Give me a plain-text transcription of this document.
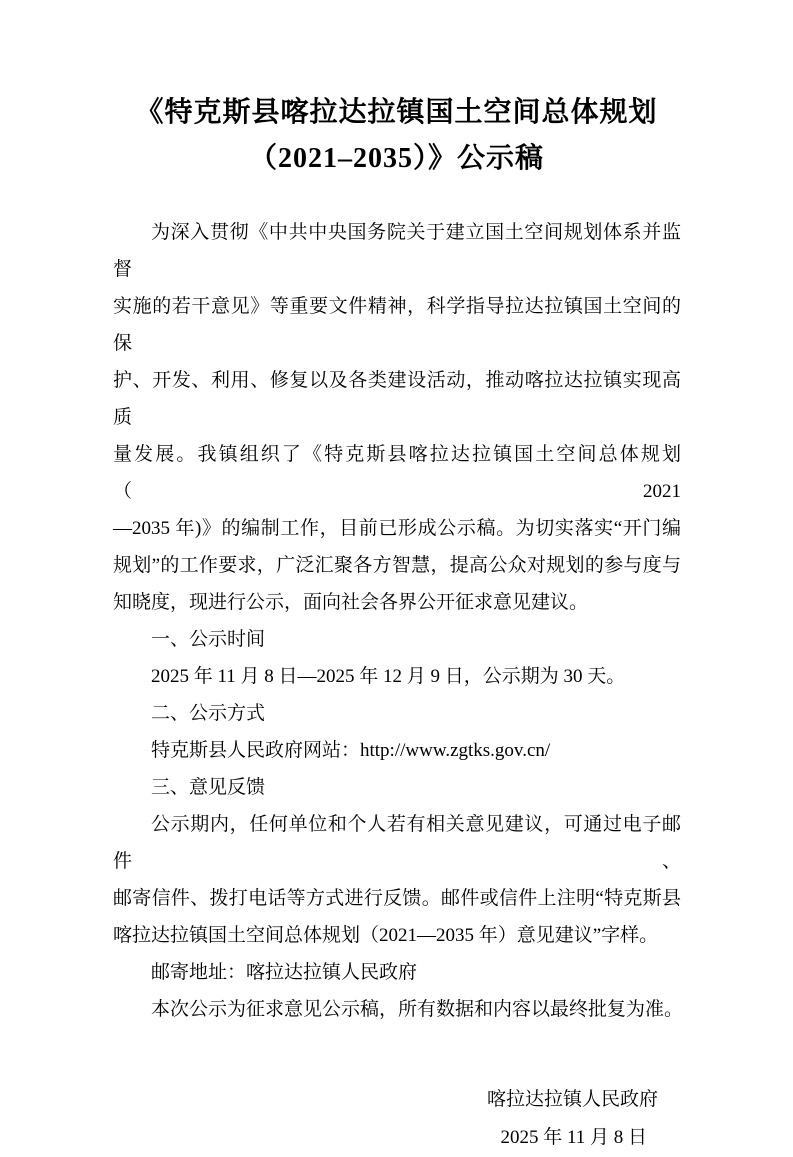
《特克斯县喀拉达拉镇国土空间总体规划
（2021–2035）》公示稿
为深入贯彻《中共中央国务院关于建立国土空间规划体系并监督
实施的若干意见》等重要文件精神，科学指导拉达拉镇国土空间的保
护、开发、利用、修复以及各类建设活动，推动喀拉达拉镇实现高质
量发展。我镇组织了《特克斯县喀拉达拉镇国土空间总体规划（2021
—2035 年)》的编制工作，目前已形成公示稿。为切实落实“开门编
规划”的工作要求，广泛汇聚各方智慧，提高公众对规划的参与度与
知晓度，现进行公示，面向社会各界公开征求意见建议。
一、公示时间
2025 年 11 月 8 日—2025 年 12 月 9 日，公示期为 30 天。
二、公示方式
特克斯县人民政府网站：http://www.zgtks.gov.cn/
三、意见反馈
公示期内，任何单位和个人若有相关意见建议，可通过电子邮件、
邮寄信件、拨打电话等方式进行反馈。邮件或信件上注明“特克斯县
喀拉达拉镇国土空间总体规划（2021—2035 年）意见建议”字样。
邮寄地址：喀拉达拉镇人民政府
本次公示为征求意见公示稿，所有数据和内容以最终批复为准。
喀拉达拉镇人民政府
2025 年 11 月 8 日
